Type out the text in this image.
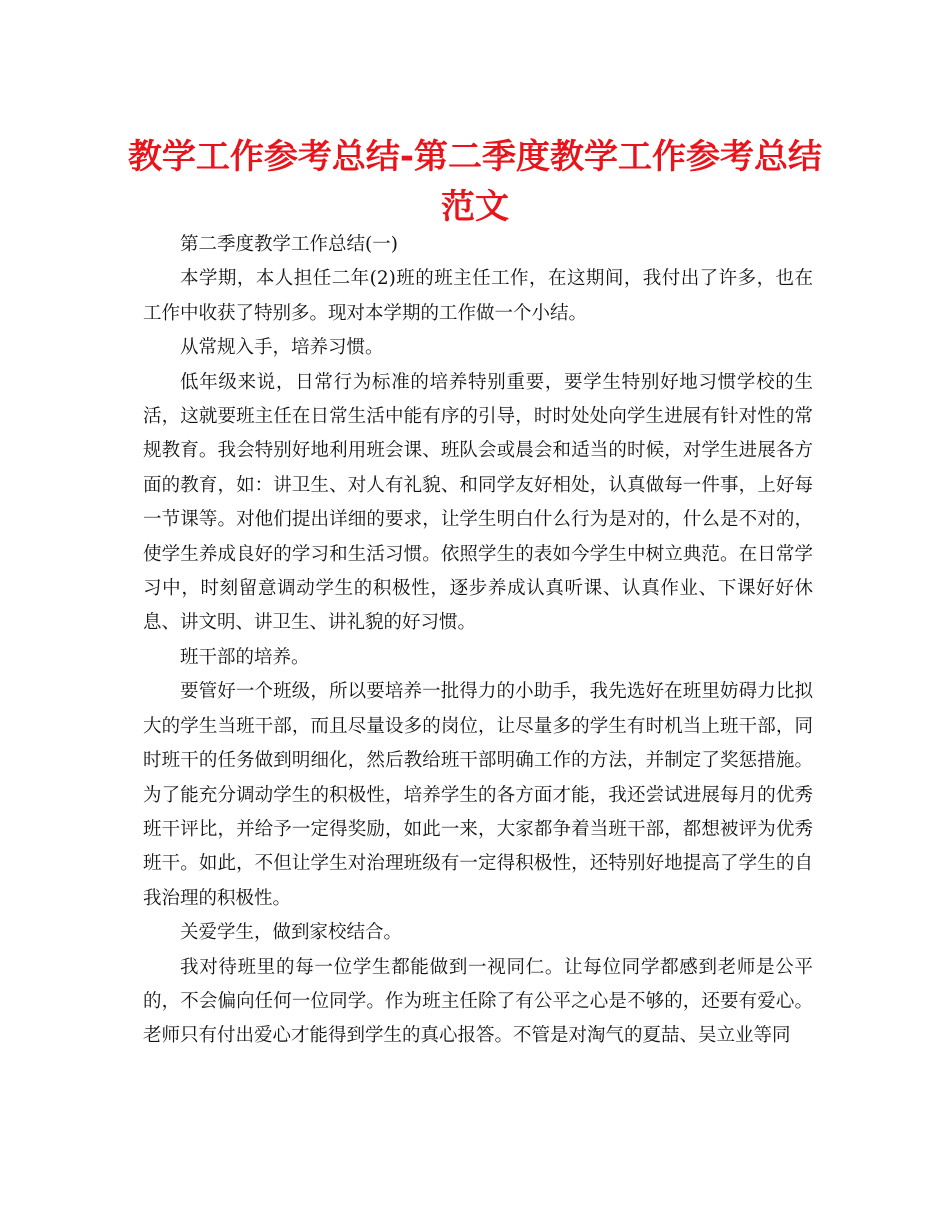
教学工作参考总结-第二季度教学工作参考总结范文

第二季度教学工作总结(一)

本学期，本人担任二年(2)班的班主任工作，在这期间，我付出了许多，也在工作中收获了特别多。现对本学期的工作做一个小结。

从常规入手，培养习惯。

低年级来说，日常行为标准的培养特别重要，要学生特别好地习惯学校的生活，这就要班主任在日常生活中能有序的引导，时时处处向学生进展有针对性的常规教育。我会特别好地利用班会课、班队会或晨会和适当的时候，对学生进展各方面的教育，如：讲卫生、对人有礼貌、和同学友好相处，认真做每一件事，上好每一节课等。对他们提出详细的要求，让学生明白什么行为是对的，什么是不对的，使学生养成良好的学习和生活习惯。依照学生的表如今学生中树立典范。在日常学习中，时刻留意调动学生的积极性，逐步养成认真听课、认真作业、下课好好休息、讲文明、讲卫生、讲礼貌的好习惯。

班干部的培养。

要管好一个班级，所以要培养一批得力的小助手，我先选好在班里妨碍力比拟大的学生当班干部，而且尽量设多的岗位，让尽量多的学生有时机当上班干部，同时班干的任务做到明细化，然后教给班干部明确工作的方法，并制定了奖惩措施。为了能充分调动学生的积极性，培养学生的各方面才能，我还尝试进展每月的优秀班干评比，并给予一定得奖励，如此一来，大家都争着当班干部，都想被评为优秀班干。如此，不但让学生对治理班级有一定得积极性，还特别好地提高了学生的自我治理的积极性。

关爱学生，做到家校结合。

我对待班里的每一位学生都能做到一视同仁。让每位同学都感到老师是公平的，不会偏向任何一位同学。作为班主任除了有公平之心是不够的，还要有爱心。老师只有付出爱心才能得到学生的真心报答。不管是对淘气的夏喆、吴立业等同
